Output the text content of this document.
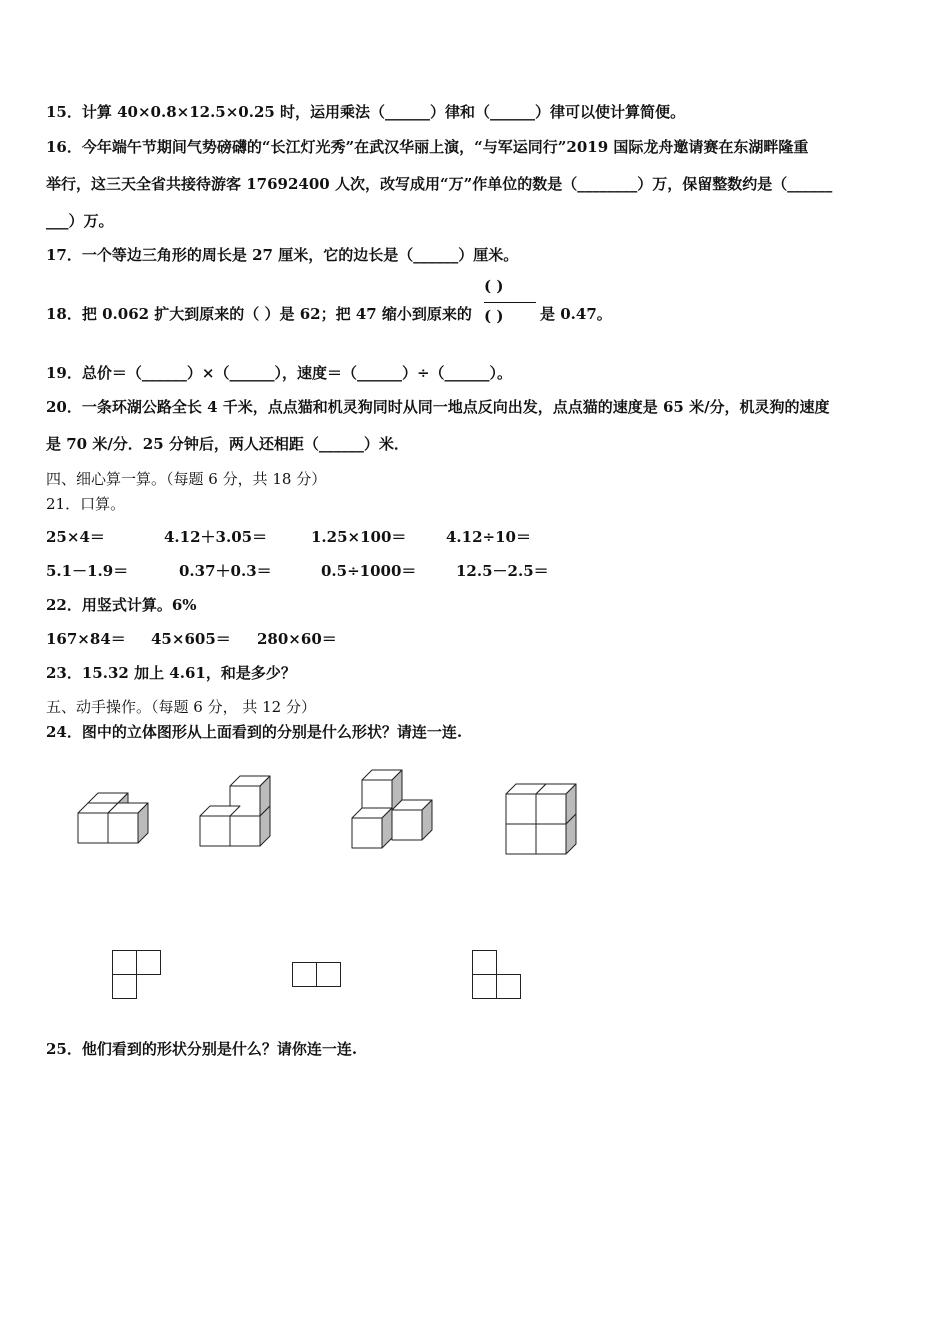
15．计算 40×0.8×12.5×0.25 时，运用乘法（______）律和（______）律可以使计算简便。
16．今年端午节期间气势磅礴的“长江灯光秀”在武汉华丽上演，“与军运同行”2019 国际龙舟邀请赛在东湖畔隆重
举行，这三天全省共接待游客 17692400 人次，改写成用“万”作单位的数是（________）万，保留整数约是（______
___）万。
17．一个等边三角形的周长是 27 厘米，它的边长是（______）厘米。
18．把 0.062 扩大到原来的（ ）是 62；把 47 缩小到原来的
( )
( ) 是 0.47。
19．总价＝（______）×（______），速度＝（______）÷（______）。
20．一条环湖公路全长 4 千米，点点猫和机灵狗同时从同一地点反向出发，点点猫的速度是 65 米/分，机灵狗的速度
是 70 米/分．25 分钟后，两人还相距（______）米．
四、细心算一算。（每题 6 分，共 18 分）
21．口算。
25×4＝	4.12＋3.05＝	1.25×100＝	4.12÷10＝
5.1－1.9＝	0.37＋0.3＝	0.5÷1000＝	12.5－2.5＝
22．用竖式计算。6%
167×84＝ 45×605＝ 280×60＝
23．15.32 加上 4.61，和是多少？
五、动手操作。（每题 6 分， 共 12 分）
24．图中的立体图形从上面看到的分别是什么形状？请连一连.
25．他们看到的形状分别是什么？请你连一连.
